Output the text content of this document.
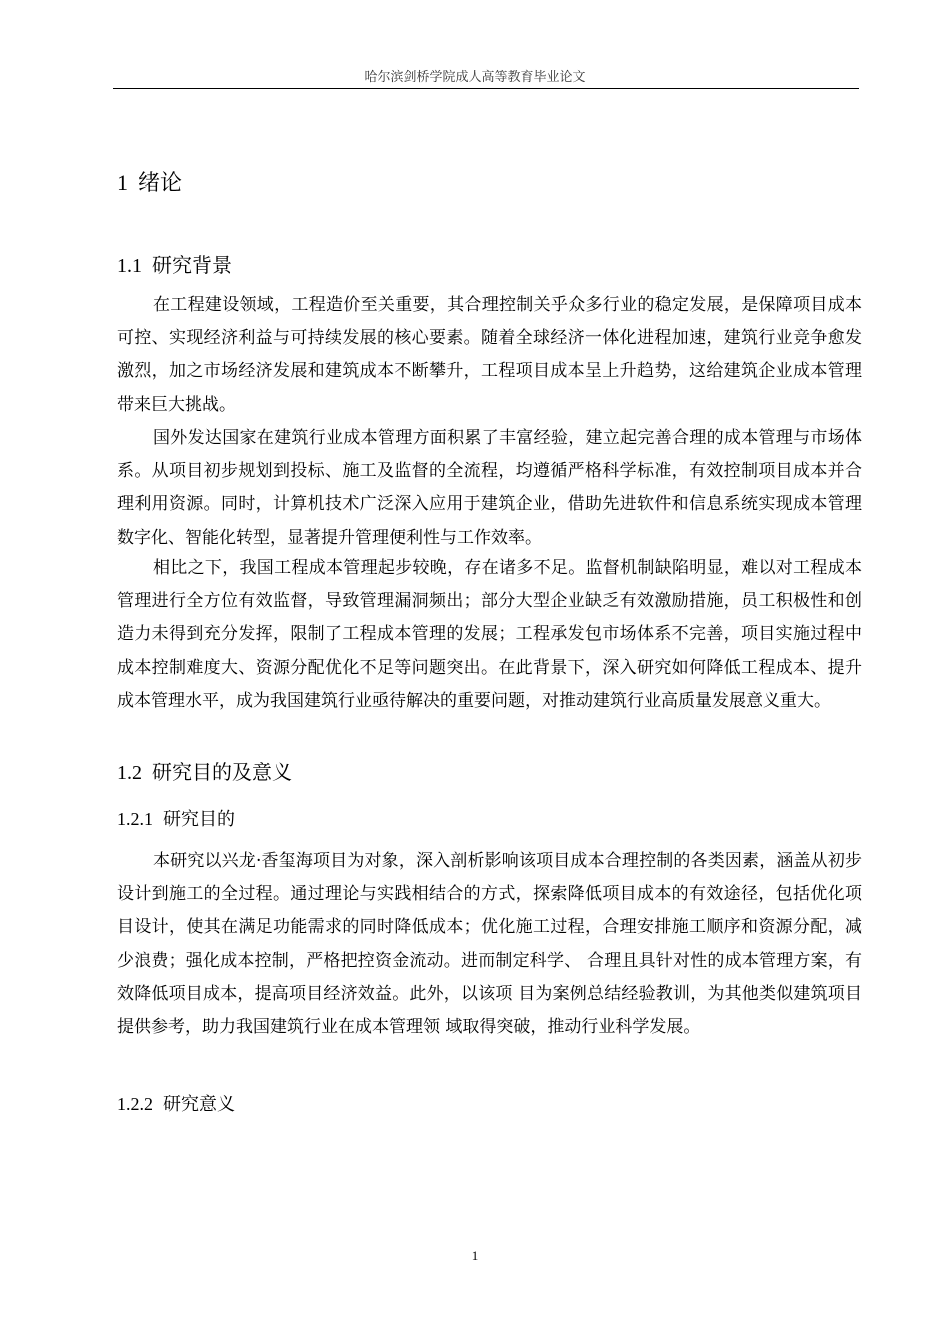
哈尔滨剑桥学院成人高等教育毕业论文
1 绪论
1.1 研究背景

在工程建设领域，工程造价至关重要，其合理控制关乎众多行业的稳定发展，是保障项目成本可控、实现经济利益与可持续发展的核心要素。随着全球经济一体化进程加速，建筑行业竞争愈发激烈，加之市场经济发展和建筑成本不断攀升，工程项目成本呈上升趋势，这给建筑企业成本管理带来巨大挑战。

国外发达国家在建筑行业成本管理方面积累了丰富经验，建立起完善合理的成本管理与市场体系。从项目初步规划到投标、施工及监督的全流程，均遵循严格科学标准，有效控制项目成本并合理利用资源。同时，计算机技术广泛深入应用于建筑企业，借助先进软件和信息系统实现成本管理数字化、智能化转型，显著提升管理便利性与工作效率。

相比之下，我国工程成本管理起步较晚，存在诸多不足。监督机制缺陷明显，难以对工程成本管理进行全方位有效监督，导致管理漏洞频出；部分大型企业缺乏有效激励措施，员工积极性和创造力未得到充分发挥，限制了工程成本管理的发展；工程承发包市场体系不完善，项目实施过程中成本控制难度大、资源分配优化不足等问题突出。在此背景下，深入研究如何降低工程成本、提升成本管理水平，成为我国建筑行业亟待解决的重要问题，对推动建筑行业高质量发展意义重大。

1.2 研究目的及意义
1.2.1 研究目的

本研究以兴龙·香玺海项目为对象，深入剖析影响该项目成本合理控制的各类因素，涵盖从初步设计到施工的全过程。通过理论与实践相结合的方式，探索降低项目成本的有效途径，包括优化项目设计，使其在满足功能需求的同时降低成本；优化施工过程，合理安排施工顺序和资源分配，减少浪费；强化成本控制，严格把控资金流动。进而制定科学、 合理且具针对性的成本管理方案，有效降低项目成本，提高项目经济效益。此外，以该项 目为案例总结经验教训，为其他类似建筑项目提供参考，助力我国建筑行业在成本管理领 域取得突破，推动行业科学发展。

1.2.2 研究意义
1
